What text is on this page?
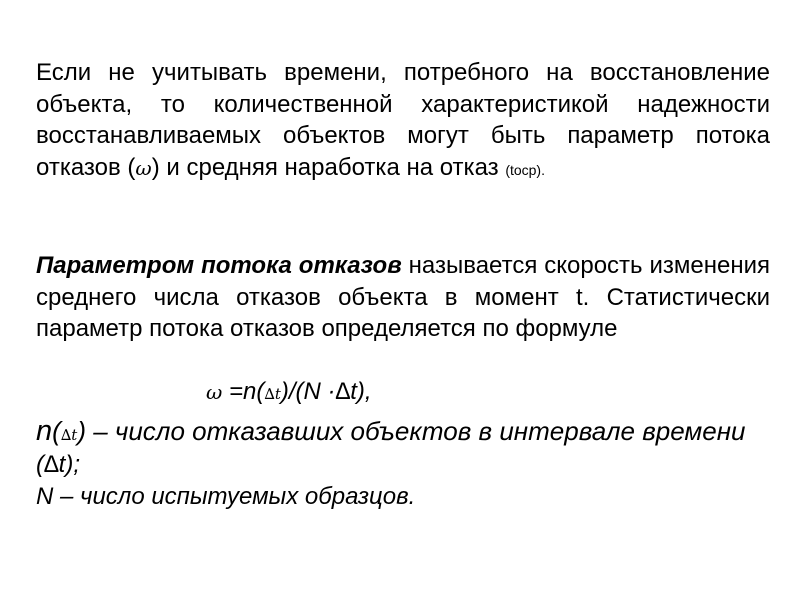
Если не учитывать времени, потребного на восстановление объекта, то количественной характеристикой надежности восстанавливаемых объектов могут быть параметр потока отказов (ω) и средняя наработка на отказ (tоср).
Параметром потока отказов называется скорость изменения среднего числа отказов объекта в момент t. Статистически параметр потока отказов определяется по формуле
ω =n(∆t)/(N ·∆t),
n(∆t) – число отказавших объектов в интервале времени
(∆t);
N – число испытуемых образцов.
